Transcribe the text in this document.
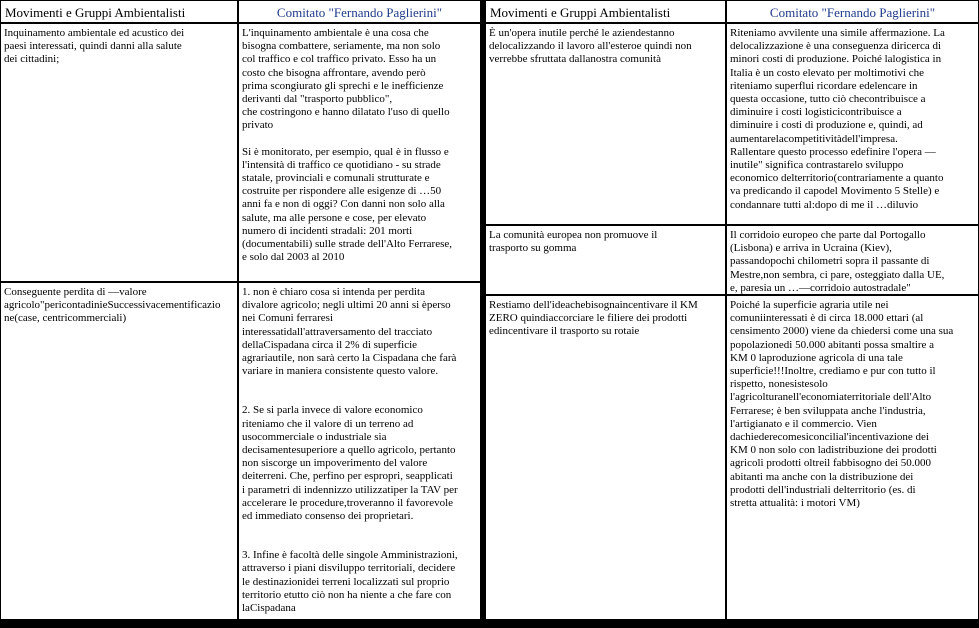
Movimenti e Gruppi Ambientalisti	Comitato "Fernando Paglierini"
Inquinamento ambientale ed acustico dei
paesi interessati, quindi danni alla salute
dei cittadini;
L'inquinamento ambientale è una cosa che
bisogna combattere, seriamente, ma non solo
col traffico e col traffico privato. Esso ha un
costo che bisogna affrontare, avendo però
prima scongiurato gli sprechi e le inefficienze
derivanti dal "trasporto pubblico",
che costringono e hanno dilatato l'uso di quello
privato
Si è monitorato, per esempio, qual è in flusso e
l'intensità di traffico ce quotidiano - su strade
statale, provinciali e comunali strutturate e
costruite per rispondere alle esigenze di …50
anni fa e non di oggi? Con danni non solo alla
salute, ma alle persone e cose, per elevato
numero di incidenti stradali: 201 morti
(documentabili) sulle strade dell'Alto Ferrarese,
e solo dal 2003 al 2010
Conseguente perdita di —valore
agricolo"pericontadinieSuccessivacementificazio
ne(case, centricommerciali)
1. non è chiaro cosa si intenda per perdita
divalore agricolo; negli ultimi 20 anni si èperso
nei Comuni ferraresi
interessatidall'attraversamento del tracciato
dellaCispadana circa il 2% di superficie
agrariautile, non sarà certo la Cispadana che farà
variare in maniera consistente questo valore.
2. Se si parla invece di valore economico
riteniamo che il valore di un terreno ad
usocommerciale o industriale sia
decisamentesuperiore a quello agricolo, pertanto
non siscorge un impoverimento del valore
deiterreni. Che, perfino per espropri, seapplicati
i parametri di indennizzo utilizzatiper la TAV per
accelerare le procedure,troveranno il favorevole
ed immediato consenso dei proprietari.
3. Infine è facoltà delle singole Amministrazioni,
attraverso i piani disviluppo territoriali, decidere
le destinazionidei terreni localizzati sul proprio
territorio etutto ciò non ha niente a che fare con
laCispadana
Movimenti e Gruppi Ambientalisti	Comitato "Fernando Paglierini"
È un'opera inutile perché le aziendestanno
delocalizzando il lavoro all'esteroe quindi non
verrebbe sfruttata dallanostra comunità
Riteniamo avvilente una simile affermazione. La
delocalizzazione è una conseguenza diricerca di
minori costi di produzione. Poiché lalogistica in
Italia è un costo elevato per moltimotivi che
riteniamo superflui ricordare edelencare in
questa occasione, tutto ciò checontribuisce a
diminuire i costi logisticicontribuisce a
diminuire i costi di produzione e, quindi, ad
aumentarelacompetitivitàdell'impresa.
Rallentare questo processo edefinire l'opera —
inutile" significa contrastarelo sviluppo
economico delterritorio(contrariamente a quanto
va predicando il capodel Movimento 5 Stelle) e
condannare tutti al:dopo di me il …diluvio
La comunità europea non promuove il
trasporto su gomma
Il corridoio europeo che parte dal Portogallo
(Lisbona) e arriva in Ucraina (Kiev),
passandopochi chilometri sopra il passante di
Mestre,non sembra, ci pare, osteggiato dalla UE,
e, paresia un …—corridoio autostradale"
Restiamo dell'ideachebisognaincentivare il KM
ZERO quindiaccorciare le filiere dei prodotti
edincentivare il trasporto su rotaie
Poiché la superficie agraria utile nei
comuniinteressati è di circa 18.000 ettari (al
censimento 2000) viene da chiedersi come una sua
popolazionedi 50.000 abitanti possa smaltire a
KM 0 laproduzione agricola di una tale
superficie!!!Inoltre, crediamo e pur con tutto il
rispetto, nonesistesolo
l'agricolturanell'economiaterritoriale dell'Alto
Ferrarese; è ben sviluppata anche l'industria,
l'artigianato e il commercio. Vien
dachiederecomesiconcilial'incentivazione dei
KM 0 non solo con ladistribuzione dei prodotti
agricoli prodotti oltreil fabbisogno dei 50.000
abitanti ma anche con la distribuzione dei
prodotti dell'industriali delterritorio (es. di
stretta attualità: i motori VM)
